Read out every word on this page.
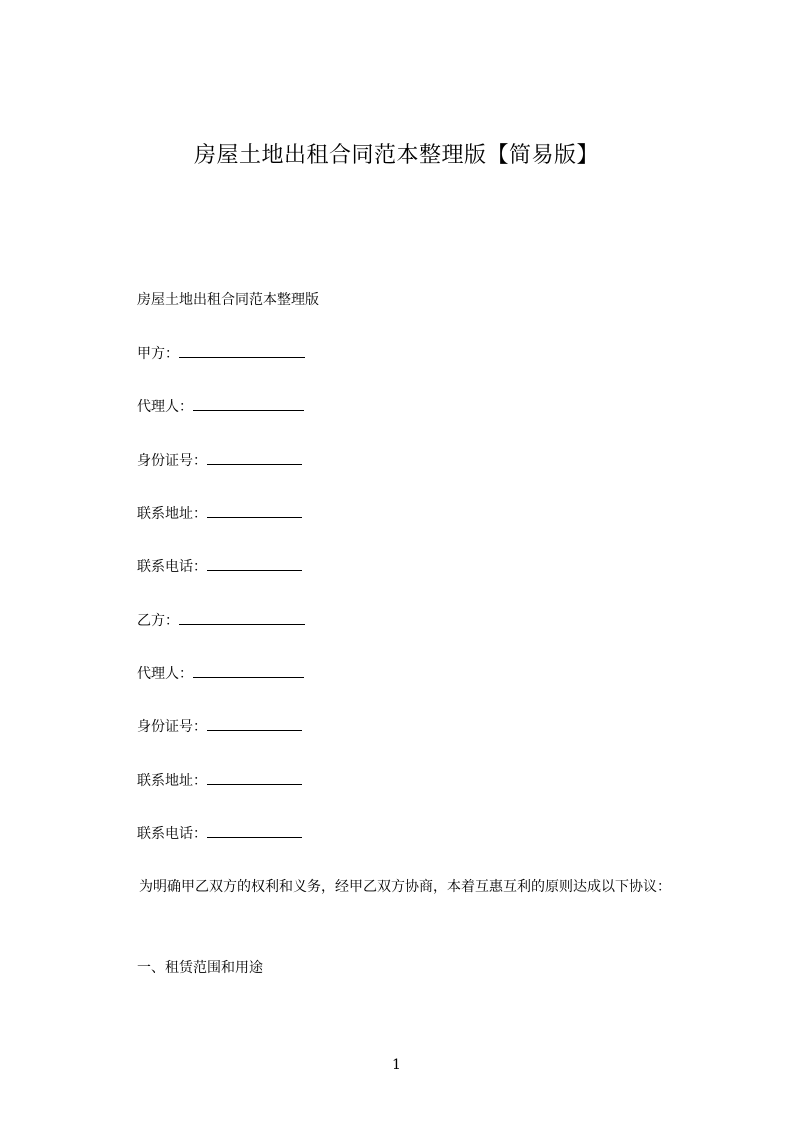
房屋土地出租合同范本整理版【简易版】
房屋土地出租合同范本整理版
甲方：
代理人：
身份证号：
联系地址：
联系电话：
乙方：
代理人：
身份证号：
联系地址：
联系电话：
为明确甲乙双方的权利和义务，经甲乙双方协商，本着互惠互利的原则达成以下协议：
一、租赁范围和用途
1
